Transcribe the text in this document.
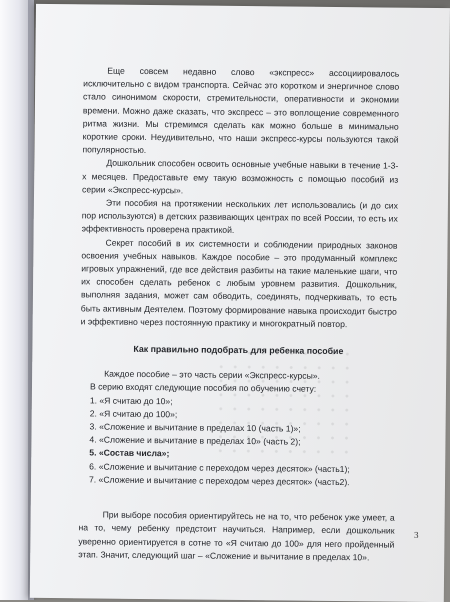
Еще совсем недавно слово «экспресс» ассоциировалось исключительно с видом транспорта. Сейчас это коротком и энергичное слово стало синонимом скорости, стремительности, оперативности и экономии времени. Можно даже сказать, что экспресс – это воплощение современного ритма жизни. Мы стремимся сделать как можно больше в минимально короткие сроки. Неудивительно, что наши экспресс-курсы пользуются такой популярностью.

Дошкольник способен освоить основные учебные навыки в течение 1-3-х месяцев. Предоставьте ему такую возможность с помощью пособий из серии «Экспресс-курсы».

Эти пособия на протяжении нескольких лет использовались (и до сих пор используются) в детских развивающих центрах по всей России, то есть их эффективность проверена практикой.

Секрет пособий в их системности и соблюдении природных законов освоения учебных навыков. Каждое пособие – это продуманный комплекс игровых упражнений, где все действия разбиты на такие маленькие шаги, что их способен сделать ребенок с любым уровнем развития. Дошкольник, выполняя задания, может сам обводить, соединять, подчеркивать, то есть быть активным Деятелем. Поэтому формирование навыка происходит быстро и эффективно через постоянную практику и многократный повтор.

Как правильно подобрать для ребенка пособие

Каждое пособие – это часть серии «Экспресс-курсы».

В серию входят следующие пособия по обучению счету:

1. «Я считаю до 10»;

2. «Я считаю до 100»;

3. «Сложение и вычитание в пределах 10 (часть 1)»;

4. «Сложение и вычитание в пределах 10» (часть 2);

5. «Состав числа»;

6. «Сложение и вычитание с переходом через десяток» (часть1);

7. «Сложение и вычитание с переходом через десяток» (часть2).

При выборе пособия ориентируйтесь не на то, что ребенок уже умеет, а на то, чему ребенку предстоит научиться. Например, если дошкольник уверенно ориентируется в сотне то «Я считаю до 100» для него пройденный этап. Значит, следующий шаг – «Сложение и вычитание в пределах 10».

3
